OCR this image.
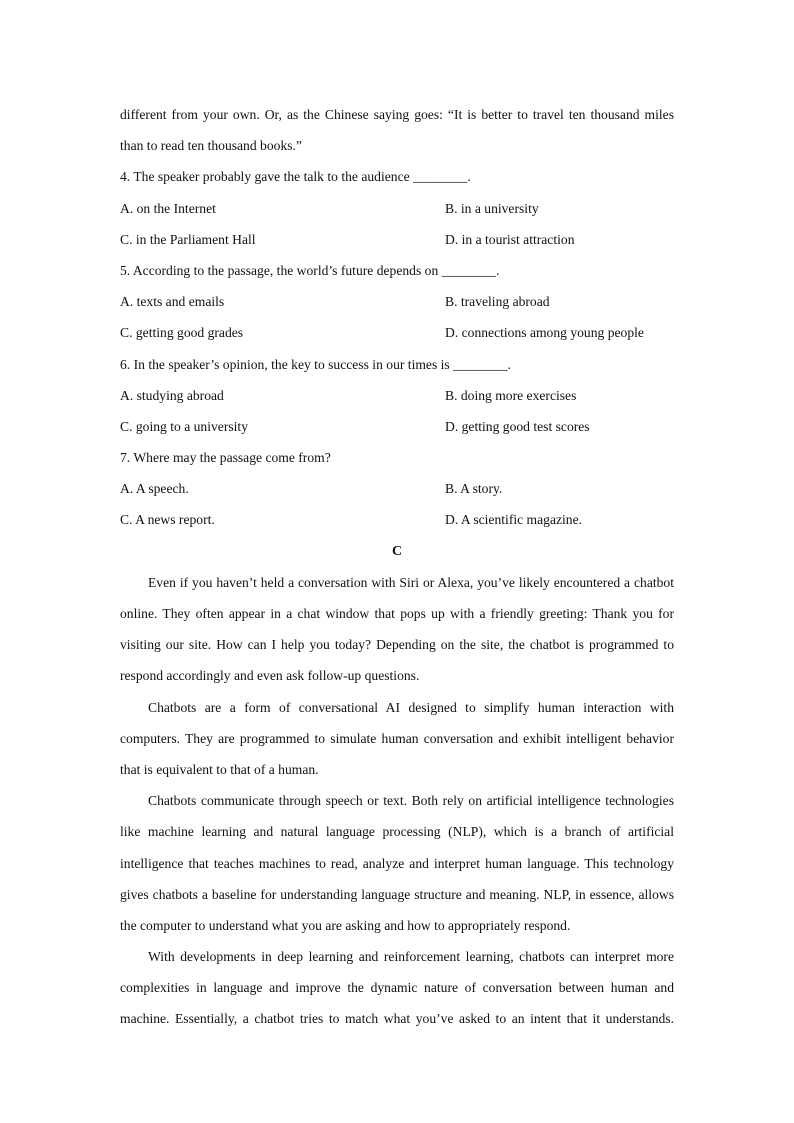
different from your own. Or, as the Chinese saying goes: “It is better to travel ten thousand miles
than to read ten thousand books.”
4. The speaker probably gave the talk to the audience ________.
A. on the Internet	B. in a university
C. in the Parliament Hall	D. in a tourist attraction
5. According to the passage, the world’s future depends on ________.
A. texts and emails	B. traveling abroad
C. getting good grades	D. connections among young people
6. In the speaker’s opinion, the key to success in our times is ________.
A. studying abroad	B. doing more exercises
C. going to a university	D. getting good test scores
7. Where may the passage come from?
A. A speech.	B. A story.
C. A news report.	D. A scientific magazine.
C
Even if you haven’t held a conversation with Siri or Alexa, you’ve likely encountered a chatbot
online. They often appear in a chat window that pops up with a friendly greeting: Thank you for
visiting our site. How can I help you today? Depending on the site, the chatbot is programmed to
respond accordingly and even ask follow-up questions.
Chatbots are a form of conversational AI designed to simplify human interaction with
computers. They are programmed to simulate human conversation and exhibit intelligent behavior
that is equivalent to that of a human.
Chatbots communicate through speech or text. Both rely on artificial intelligence technologies
like machine learning and natural language processing (NLP), which is a branch of artificial
intelligence that teaches machines to read, analyze and interpret human language. This technology
gives chatbots a baseline for understanding language structure and meaning. NLP, in essence, allows
the computer to understand what you are asking and how to appropriately respond.
With developments in deep learning and reinforcement learning, chatbots can interpret more
complexities in language and improve the dynamic nature of conversation between human and
machine. Essentially, a chatbot tries to match what you’ve asked to an intent that it understands.
